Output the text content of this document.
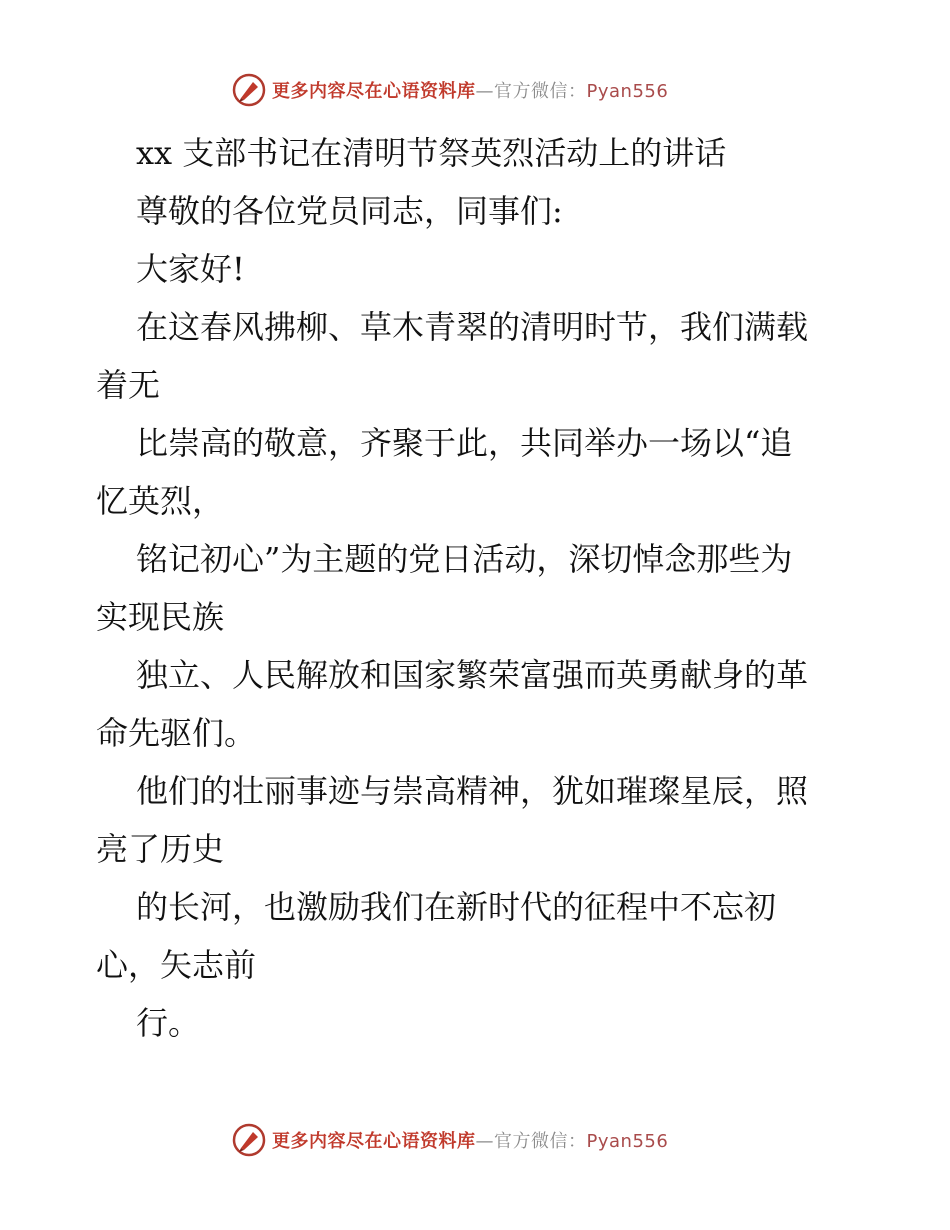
更多内容尽在心语资料库—官方微信：Pyan556
xx 支部书记在清明节祭英烈活动上的讲话
尊敬的各位党员同志，同事们:
大家好!
在这春风拂柳、草木青翠的清明时节，我们满载
着无
比崇高的敬意，齐聚于此，共同举办一场以“追
忆英烈，
铭记初心”为主题的党日活动，深切悼念那些为
实现民族
独立、人民解放和国家繁荣富强而英勇献身的革
命先驱们。
他们的壮丽事迹与崇高精神，犹如璀璨星辰，照
亮了历史
的长河，也激励我们在新时代的征程中不忘初
心，矢志前
行。
更多内容尽在心语资料库—官方微信：Pyan556
